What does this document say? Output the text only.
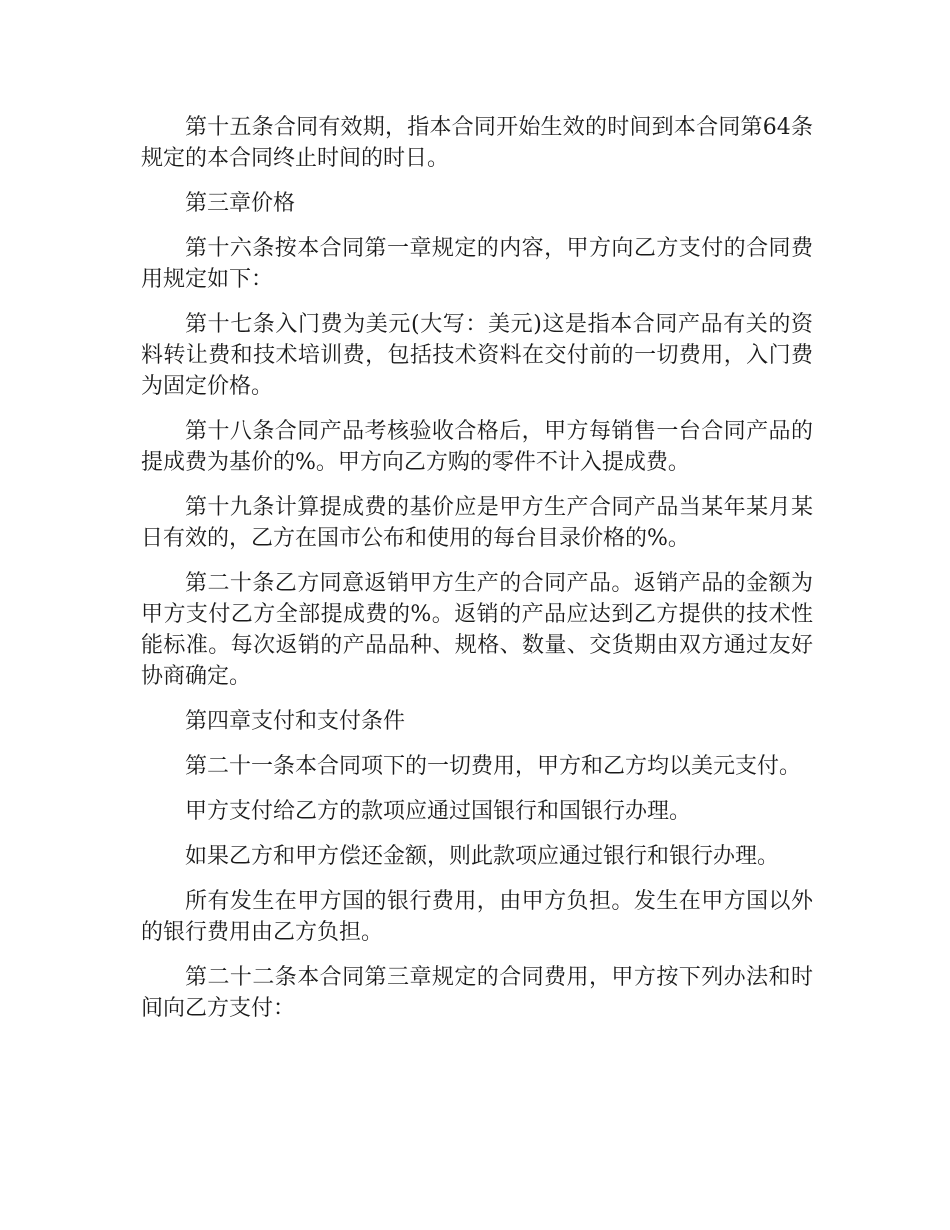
第十五条合同有效期，指本合同开始生效的时间到本合同第64条规定的本合同终止时间的时日。

第三章价格

第十六条按本合同第一章规定的内容，甲方向乙方支付的合同费用规定如下：

第十七条入门费为美元(大写：美元)这是指本合同产品有关的资料转让费和技术培训费，包括技术资料在交付前的一切费用，入门费为固定价格。

第十八条合同产品考核验收合格后，甲方每销售一台合同产品的提成费为基价的%。甲方向乙方购的零件不计入提成费。

第十九条计算提成费的基价应是甲方生产合同产品当某年某月某日有效的，乙方在国市公布和使用的每台目录价格的%。

第二十条乙方同意返销甲方生产的合同产品。返销产品的金额为甲方支付乙方全部提成费的%。返销的产品应达到乙方提供的技术性能标准。每次返销的产品品种、规格、数量、交货期由双方通过友好协商确定。

第四章支付和支付条件

第二十一条本合同项下的一切费用，甲方和乙方均以美元支付。

甲方支付给乙方的款项应通过国银行和国银行办理。

如果乙方和甲方偿还金额，则此款项应通过银行和银行办理。

所有发生在甲方国的银行费用，由甲方负担。发生在甲方国以外的银行费用由乙方负担。

第二十二条本合同第三章规定的合同费用，甲方按下列办法和时间向乙方支付：
